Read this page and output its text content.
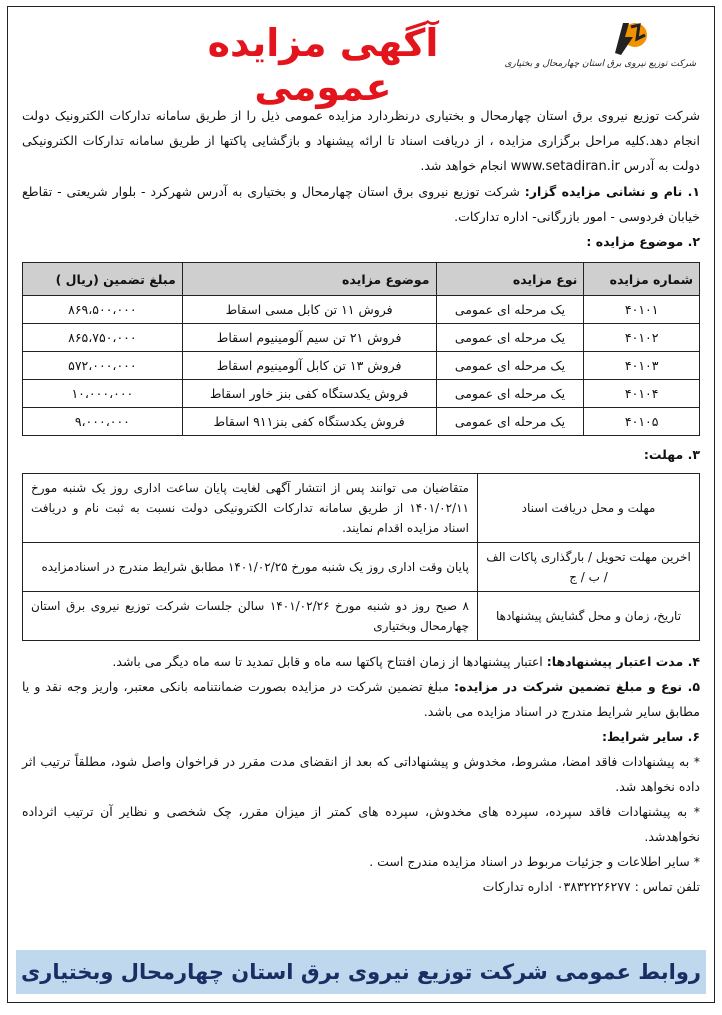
شرکت توزیع نیروی برق استان چهارمحال و بختیاری
آگهی مزایده عمومی

شرکت توزیع نیروی برق استان چهارمحال و بختیاری درنظردارد مزایده عمومی ذیل را از طریق سامانه تدارکات الکترونیک دولت انجام دهد.کلیه مراحل برگزاری مزایده ، از دریافت اسناد تا ارائه پیشنهاد و بازگشایی پاکتها از طریق سامانه تدارکات الکترونیکی دولت به آدرس www.setadiran.ir انجام خواهد شد.

۱. نام و نشانی مزایده گزار: شرکت توزیع نیروی برق استان چهارمحال و بختیاری به آدرس شهرکرد - بلوار شریعتی - تقاطع خیابان فردوسی - امور بازرگانی- اداره تدارکات.

۲. موضوع مزایده :

شماره مزایده	نوع مزایده	موضوع مزایده	مبلغ تضمین (ریال )
۴۰۱۰۱	یک مرحله ای عمومی	فروش ۱۱ تن کابل مسی اسقاط	۸۶۹،۵۰۰،۰۰۰
۴۰۱۰۲	یک مرحله ای عمومی	فروش ۲۱ تن سیم آلومینیوم اسقاط	۸۶۵،۷۵۰،۰۰۰
۴۰۱۰۳	یک مرحله ای عمومی	فروش ۱۳ تن کابل آلومینیوم اسقاط	۵۷۲،۰۰۰،۰۰۰
۴۰۱۰۴	یک مرحله ای عمومی	فروش یکدستگاه کفی بنز خاور اسقاط	۱۰،۰۰۰،۰۰۰
۴۰۱۰۵	یک مرحله ای عمومی	فروش یکدستگاه کفی بنز۹۱۱ اسقاط	۹،۰۰۰،۰۰۰

۳. مهلت:

مهلت و محل دریافت اسناد	متقاضیان می توانند پس از انتشار آگهی لغایت پایان ساعت اداری روز یک شنبه مورخ ۱۴۰۱/۰۲/۱۱ از طریق سامانه تدارکات الکترونیکی دولت نسبت به ثبت نام و دریافت اسناد مزایده اقدام نمایند.
اخرین مهلت تحویل / بارگذاری پاکات الف / ب / ج	پایان وقت اداری روز یک شنبه مورخ ۱۴۰۱/۰۲/۲۵ مطابق شرایط مندرج در اسنادمزایده
تاریخ، زمان و محل گشایش پیشنهادها	۸ صبح روز دو شنبه مورخ ۱۴۰۱/۰۲/۲۶ سالن جلسات شرکت توزیع نیروی برق استان چهارمحال وبختیاری

۴. مدت اعتبار پیشنهادها: اعتبار پیشنهادها از زمان افتتاح پاکتها سه ماه و قابل تمدید تا سه ماه دیگر می باشد.

۵. نوع و مبلغ تضمین شرکت در مزایده: مبلغ تضمین شرکت در مزایده بصورت ضمانتنامه بانکی معتبر، واریز وجه نقد و یا مطابق سایر شرایط مندرج در اسناد مزایده می باشد.

۶. سایر شرایط:

* به پیشنهادات فاقد امضا، مشروط، مخدوش و پیشنهاداتی که بعد از انقضای مدت مقرر در فراخوان واصل شود، مطلقاً ترتیب اثر داده نخواهد شد.

* به پیشنهادات فاقد سپرده، سپرده های مخدوش، سپرده های کمتر از میزان مقرر، چک شخصی و نظایر آن ترتیب اثرداده نخواهدشد.

* سایر اطلاعات و جزئیات مربوط در اسناد مزایده مندرج است .

تلفن تماس : ۰۳۸۳۲۲۲۶۲۷۷ اداره تدارکات

روابط عمومی شرکت توزیع نیروی برق استان چهارمحال وبختیاری
